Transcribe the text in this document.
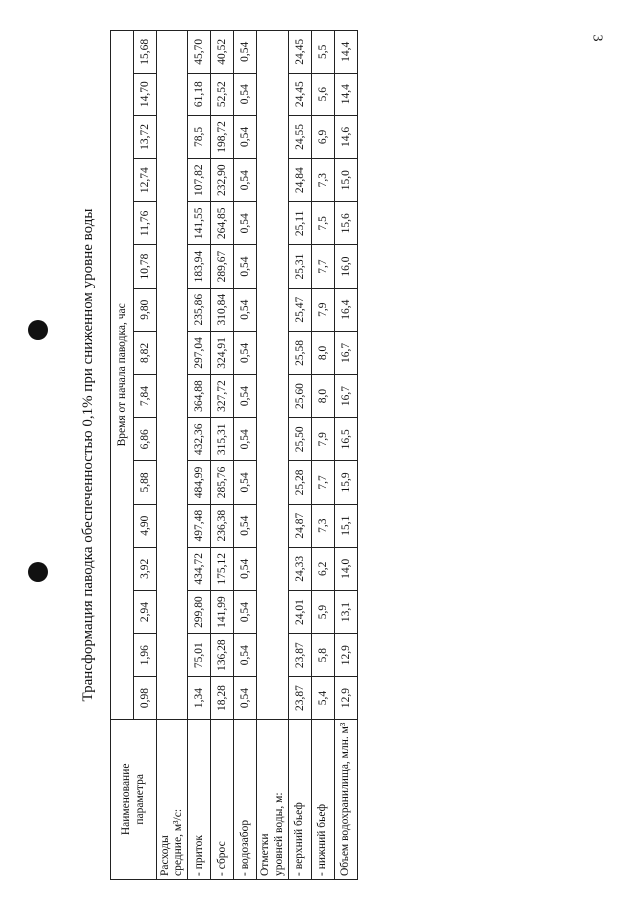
3
Трансформация паводка обеспеченностью 0,1% при сниженном уровне воды
Наименование
параметра	Время от начала паводка, час															
	0,98	1,96	2,94	3,92	4,90	5,88	6,86	7,84	8,82	9,80	10,78	11,76	12,74	13,72	14,70	15,68
Расходы
средние, м³/с:																
- приток	1,34	75,01	299,80	434,72	497,48	484,99	432,36	364,88	297,04	235,86	183,94	141,55	107,82	78,5	61,18	45,70
- сброс	18,28	136,28	141,99	175,12	236,38	285,76	315,31	327,72	324,91	310,84	289,67	264,85	232,90	198,72	52,52	40,52
- водозабор	0,54	0,54	0,54	0,54	0,54	0,54	0,54	0,54	0,54	0,54	0,54	0,54	0,54	0,54	0,54	0,54
Отметки
уровней воды, м:																
- верхний бьеф	23,87	23,87	24,01	24,33	24,87	25,28	25,50	25,60	25,58	25,47	25,31	25,11	24,84	24,55	24,45	24,45
- нижний бьеф	5,4	5,8	5,9	6,2	7,3	7,7	7,9	8,0	8,0	7,9	7,7	7,5	7,3	6,9	5,6	5,5
Объем водохранилища, млн. м³	12,9	12,9	13,1	14,0	15,1	15,9	16,5	16,7	16,7	16,4	16,0	15,6	15,0	14,6	14,4	14,4
